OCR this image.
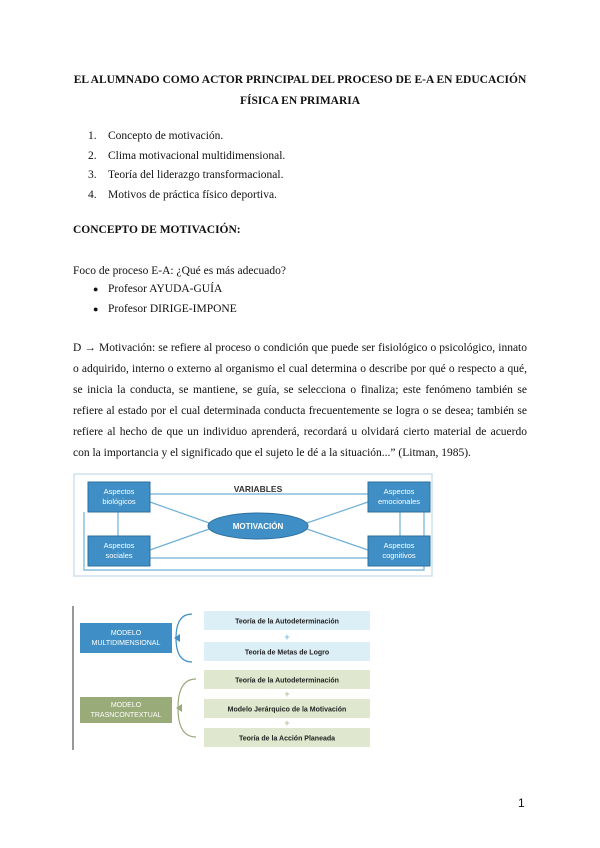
EL ALUMNADO COMO ACTOR PRINCIPAL DEL PROCESO DE E-A EN EDUCACIÓN
FÍSICA EN PRIMARIA
1. Concepto de motivación.
2. Clima motivacional multidimensional.
3. Teoría del liderazgo transformacional.
4. Motivos de práctica físico deportiva.
CONCEPTO DE MOTIVACIÓN:
Foco de proceso E-A: ¿Qué es más adecuado?
● Profesor AYUDA-GUÍA
● Profesor DIRIGE-IMPONE
D → Motivación: se refiere al proceso o condición que puede ser fisiológico o psicológico, innato o adquirido, interno o externo al organismo el cual determina o describe por qué o respecto a qué, se inicia la conducta, se mantiene, se guía, se selecciona o finaliza; este fenómeno también se refiere al estado por el cual determinada conducta frecuentemente se logra o se desea; también se refiere al hecho de que un individuo aprenderá, recordará u olvidará cierto material de acuerdo con la importancia y el significado que el sujeto le dé a la situación...” (Litman, 1985).
VARIABLES
Aspectos
biológicos
Aspectos
emocionales
Aspectos
sociales
Aspectos
cognitivos
MOTIVACIÓN
MODELO
MULTIDIMENSIONAL
Teoría de la Autodeterminación
+
Teoría de Metas de Logro
MODELO
TRASNCONTEXTUAL
Teoría de la Autodeterminación
+
Modelo Jerárquico de la Motivación
+
Teoría de la Acción Planeada
1
